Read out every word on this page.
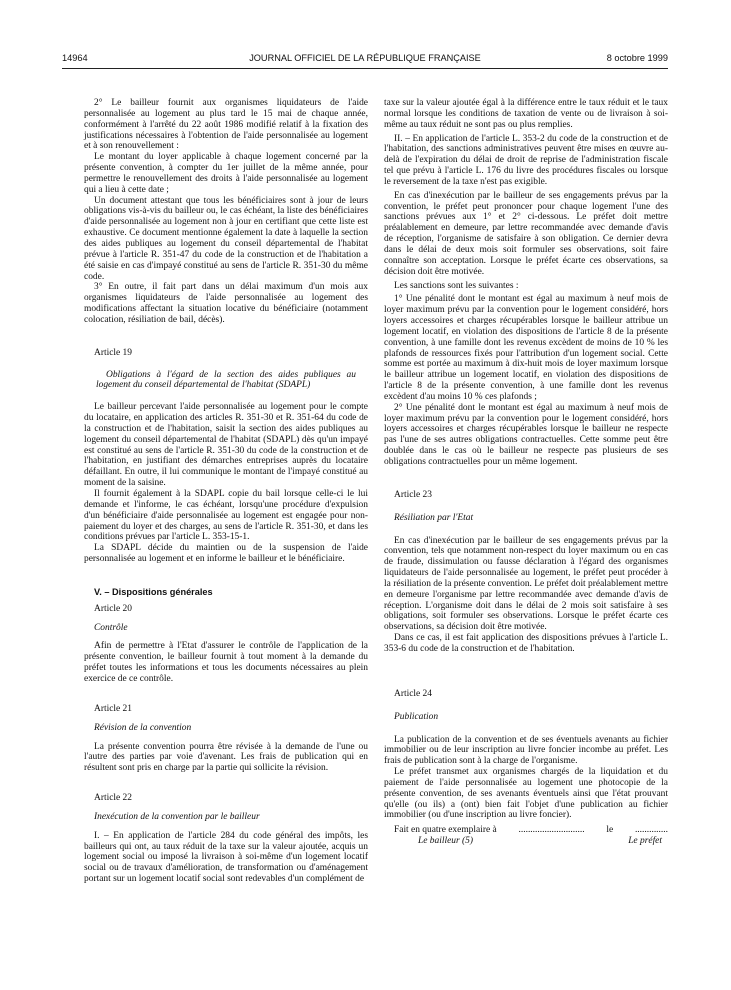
14964	JOURNAL OFFICIEL DE LA RÉPUBLIQUE FRANÇAISE	8 octobre 1999

2° Le bailleur fournit aux organismes liquidateurs de l'aide personnalisée au logement au plus tard le 15 mai de chaque année, conformément à l'arrêté du 22 août 1986 modifié relatif à la fixation des justifications nécessaires à l'obtention de l'aide personnalisée au logement et à son renouvellement :

Le montant du loyer applicable à chaque logement concerné par la présente convention, à compter du 1er juillet de la même année, pour permettre le renouvellement des droits à l'aide personnalisée au logement qui a lieu à cette date ;

Un document attestant que tous les bénéficiaires sont à jour de leurs obligations vis-à-vis du bailleur ou, le cas échéant, la liste des bénéficiaires d'aide personnalisée au logement non à jour en certifiant que cette liste est exhaustive. Ce document mentionne également la date à laquelle la section des aides publiques au logement du conseil départemental de l'habitat prévue à l'article R. 351-47 du code de la construction et de l'habitation a été saisie en cas d'impayé constitué au sens de l'article R. 351-30 du même code.

3° En outre, il fait part dans un délai maximum d'un mois aux organismes liquidateurs de l'aide personnalisée au logement des modifications affectant la situation locative du bénéficiaire (notamment colocation, résiliation de bail, décès).

Article 19

Obligations à l'égard de la section des aides publiques au logement du conseil départemental de l'habitat (SDAPL)

Le bailleur percevant l'aide personnalisée au logement pour le compte du locataire, en application des articles R. 351-30 et R. 351-64 du code de la construction et de l'habitation, saisit la section des aides publiques au logement du conseil départemental de l'habitat (SDAPL) dès qu'un impayé est constitué au sens de l'article R. 351-30 du code de la construction et de l'habitation, en justifiant des démarches entreprises auprès du locataire défaillant. En outre, il lui communique le montant de l'impayé constitué au moment de la saisine.

Il fournit également à la SDAPL copie du bail lorsque celle-ci le lui demande et l'informe, le cas échéant, lorsqu'une procédure d'expulsion d'un bénéficiaire d'aide personnalisée au logement est engagée pour non-paiement du loyer et des charges, au sens de l'article R. 351-30, et dans les conditions prévues par l'article L. 353-15-1.

La SDAPL décide du maintien ou de la suspension de l'aide personnalisée au logement et en informe le bailleur et le bénéficiaire.

V. – Dispositions générales

Article 20

Contrôle

Afin de permettre à l'Etat d'assurer le contrôle de l'application de la présente convention, le bailleur fournit à tout moment à la demande du préfet toutes les informations et tous les documents nécessaires au plein exercice de ce contrôle.

Article 21

Révision de la convention

La présente convention pourra être révisée à la demande de l'une ou l'autre des parties par voie d'avenant. Les frais de publication qui en résultent sont pris en charge par la partie qui sollicite la révision.

Article 22

Inexécution de la convention par le bailleur

I. – En application de l'article 284 du code général des impôts, les bailleurs qui ont, au taux réduit de la taxe sur la valeur ajoutée, acquis un logement social ou imposé la livraison à soi-même d'un logement locatif social ou de travaux d'amélioration, de transformation ou d'aménagement portant sur un logement locatif social sont redevables d'un complément de

taxe sur la valeur ajoutée égal à la différence entre le taux réduit et le taux normal lorsque les conditions de taxation de vente ou de livraison à soi-même au taux réduit ne sont pas ou plus remplies.

II. – En application de l'article L. 353-2 du code de la construction et de l'habitation, des sanctions administratives peuvent être mises en œuvre au-delà de l'expiration du délai de droit de reprise de l'administration fiscale tel que prévu à l'article L. 176 du livre des procédures fiscales ou lorsque le reversement de la taxe n'est pas exigible.

En cas d'inexécution par le bailleur de ses engagements prévus par la convention, le préfet peut prononcer pour chaque logement l'une des sanctions prévues aux 1° et 2° ci-dessous. Le préfet doit mettre préalablement en demeure, par lettre recommandée avec demande d'avis de réception, l'organisme de satisfaire à son obligation. Ce dernier devra dans le délai de deux mois soit formuler ses observations, soit faire connaître son acceptation. Lorsque le préfet écarte ces observations, sa décision doit être motivée.

Les sanctions sont les suivantes :

1° Une pénalité dont le montant est égal au maximum à neuf mois de loyer maximum prévu par la convention pour le logement considéré, hors loyers accessoires et charges récupérables lorsque le bailleur attribue un logement locatif, en violation des dispositions de l'article 8 de la présente convention, à une famille dont les revenus excèdent de moins de 10 % les plafonds de ressources fixés pour l'attribution d'un logement social. Cette somme est portée au maximum à dix-huit mois de loyer maximum lorsque le bailleur attribue un logement locatif, en violation des dispositions de l'article 8 de la présente convention, à une famille dont les revenus excèdent d'au moins 10 % ces plafonds ;

2° Une pénalité dont le montant est égal au maximum à neuf mois de loyer maximum prévu par la convention pour le logement considéré, hors loyers accessoires et charges récupérables lorsque le bailleur ne respecte pas l'une de ses autres obligations contractuelles. Cette somme peut être doublée dans le cas où le bailleur ne respecte pas plusieurs de ses obligations contractuelles pour un même logement.

Article 23

Résiliation par l'Etat

En cas d'inexécution par le bailleur de ses engagements prévus par la convention, tels que notamment non-respect du loyer maximum ou en cas de fraude, dissimulation ou fausse déclaration à l'égard des organismes liquidateurs de l'aide personnalisée au logement, le préfet peut procéder à la résiliation de la présente convention. Le préfet doit préalablement mettre en demeure l'organisme par lettre recommandée avec demande d'avis de réception. L'organisme doit dans le délai de 2 mois soit satisfaire à ses obligations, soit formuler ses observations. Lorsque le préfet écarte ces observations, sa décision doit être motivée.

Dans ce cas, il est fait application des dispositions prévues à l'article L. 353-6 du code de la construction et de l'habitation.

Article 24

Publication

La publication de la convention et de ses éventuels avenants au fichier immobilier ou de leur inscription au livre foncier incombe au préfet. Les frais de publication sont à la charge de l'organisme.

Le préfet transmet aux organismes chargés de la liquidation et du paiement de l'aide personnalisée au logement une photocopie de la présente convention, de ses avenants éventuels ainsi que l'état prouvant qu'elle (ou ils) a (ont) bien fait l'objet d'une publication au fichier immobilier (ou d'une inscription au livre foncier).

Fait en quatre exemplaire à ............................ le ..............
Le bailleur (5)	Le préfet
